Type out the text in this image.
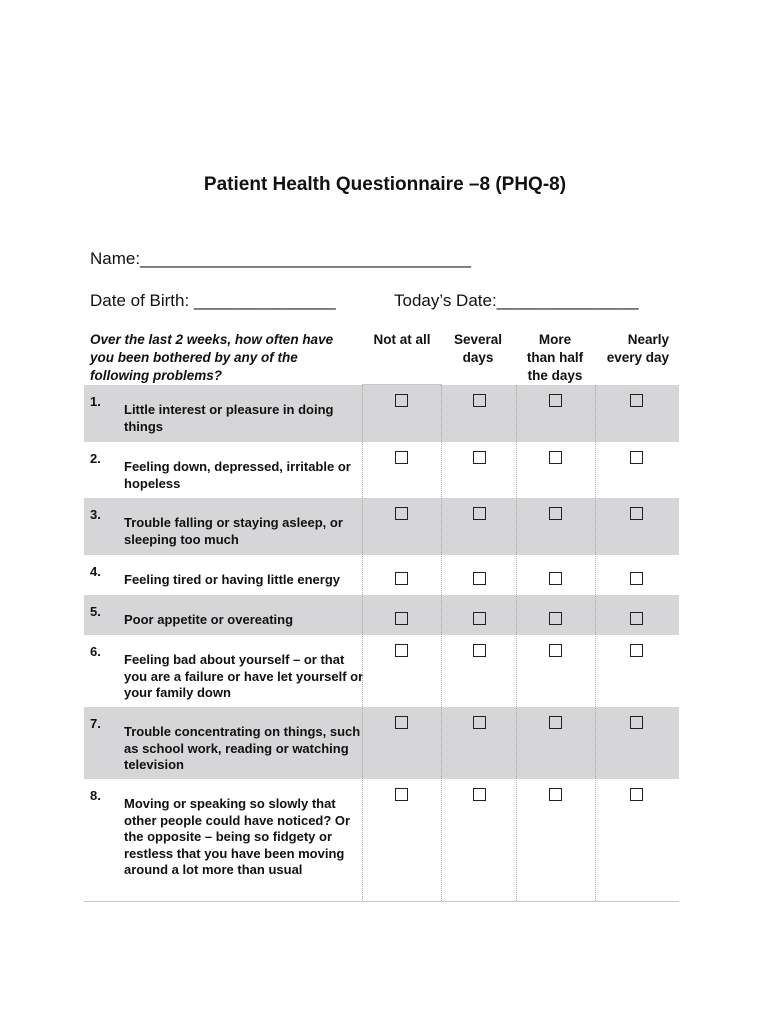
Patient Health Questionnaire –8 (PHQ-8)
Name:___________________________________
Date of Birth: _______________	Today’s Date:_______________
Over the last 2 weeks, how often have you been bothered by any of the following problems?
Not at all	Several
days
More
than half
the days
Nearly
every day
1.
Little interest or pleasure in doing things
2.
Feeling down, depressed, irritable or hopeless
3.
Trouble falling or staying asleep, or sleeping too much
4.
Feeling tired or having little energy
5.
Poor appetite or overeating
6.
Feeling bad about yourself – or that you are a failure or have let yourself or your family down
7.
Trouble concentrating on things, such as school work, reading or watching television
8.
Moving or speaking so slowly that other people could have noticed? Or the opposite – being so fidgety or restless that you have been moving around a lot more than usual
